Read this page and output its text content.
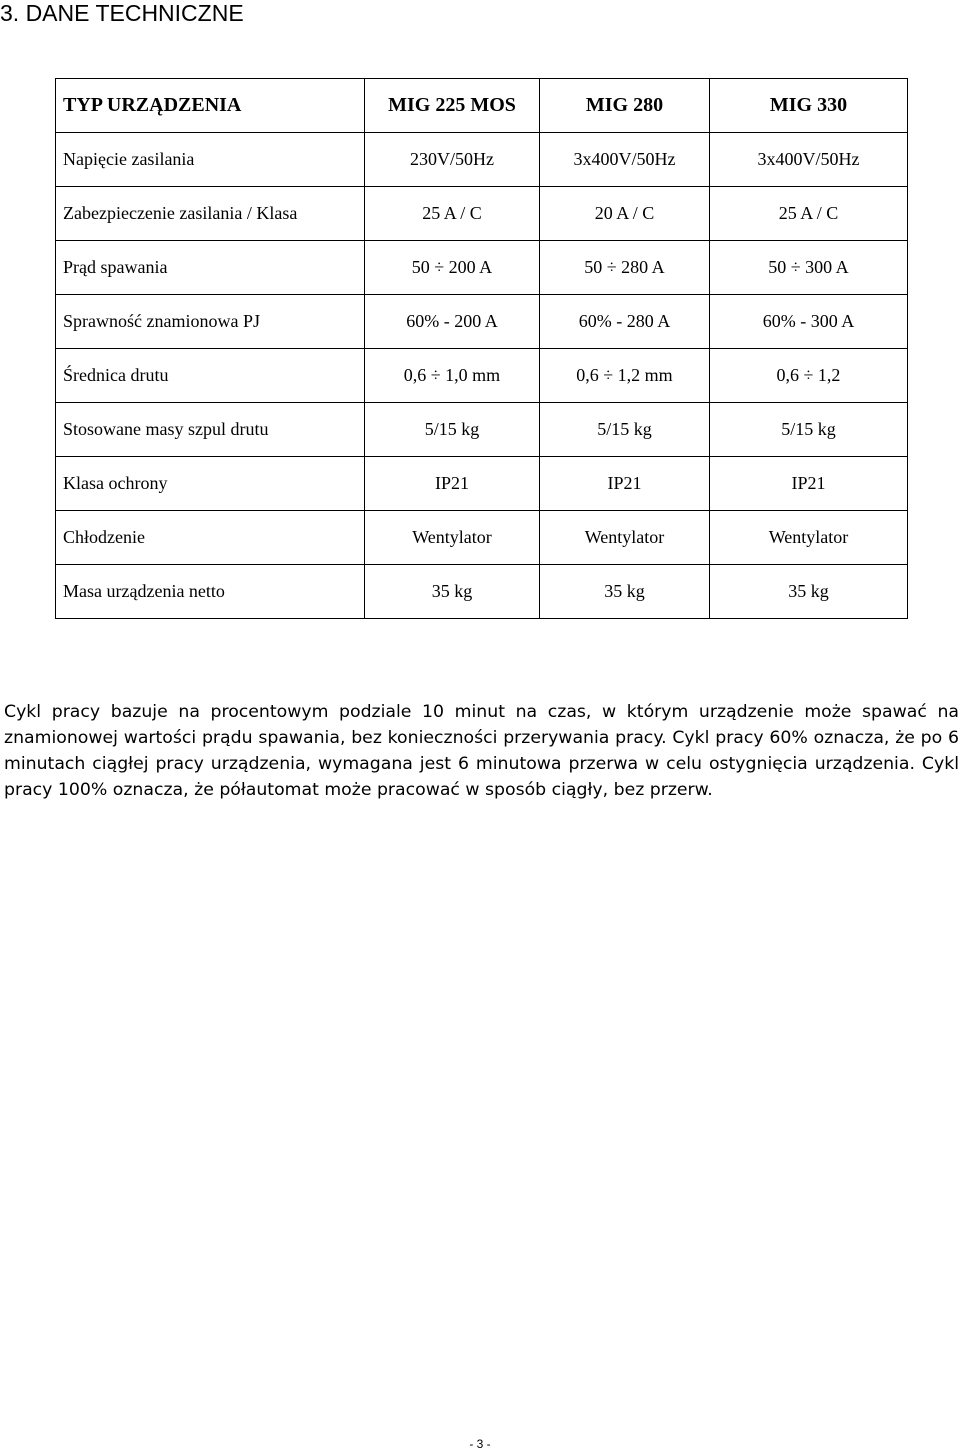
3. DANE TECHNICZNE
TYP URZĄDZENIA	MIG 225 MOS	MIG 280	MIG 330
Napięcie zasilania	230V/50Hz	3x400V/50Hz	3x400V/50Hz
Zabezpieczenie zasilania / Klasa	25 A / C	20 A / C	25 A / C
Prąd spawania	50 ÷ 200 A	50 ÷ 280 A	50 ÷ 300 A
Sprawność znamionowa PJ	60% - 200 A	60% - 280 A	60% - 300 A
Średnica drutu	0,6 ÷ 1,0 mm	0,6 ÷ 1,2 mm	0,6 ÷ 1,2
Stosowane masy szpul drutu	5/15 kg	5/15 kg	5/15 kg
Klasa ochrony	IP21	IP21	IP21
Chłodzenie	Wentylator	Wentylator	Wentylator
Masa urządzenia netto	35 kg	35 kg	35 kg

Cykl pracy bazuje na procentowym podziale 10 minut na czas, w którym urządzenie może spawać na znamionowej wartości prądu spawania, bez konieczności przerywania pracy. Cykl pracy 60% oznacza, że po 6 minutach ciągłej pracy urządzenia, wymagana jest 6 minutowa przerwa w celu ostygnięcia urządzenia. Cykl pracy 100% oznacza, że półautomat może pracować w sposób ciągły, bez przerw.

- 3 -
